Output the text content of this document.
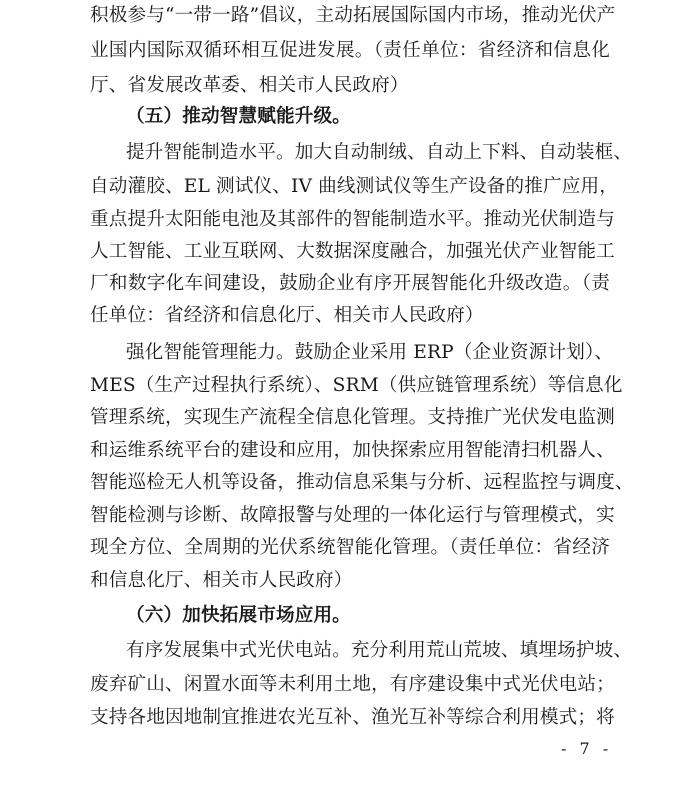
积极参与“一带一路”倡议，主动拓展国际国内市场，推动光伏产
业国内国际双循环相互促进发展。（责任单位：省经济和信息化
厅、省发展改革委、相关市人民政府）
（五）推动智慧赋能升级。
提升智能制造水平。加大自动制绒、自动上下料、自动装框、
自动灌胶、EL 测试仪、IV 曲线测试仪等生产设备的推广应用，
重点提升太阳能电池及其部件的智能制造水平。推动光伏制造与
人工智能、工业互联网、大数据深度融合，加强光伏产业智能工
厂和数字化车间建设，鼓励企业有序开展智能化升级改造。（责
任单位：省经济和信息化厅、相关市人民政府）
强化智能管理能力。鼓励企业采用 ERP（企业资源计划）、
MES（生产过程执行系统）、SRM（供应链管理系统）等信息化
管理系统，实现生产流程全信息化管理。支持推广光伏发电监测
和运维系统平台的建设和应用，加快探索应用智能清扫机器人、
智能巡检无人机等设备，推动信息采集与分析、远程监控与调度、
智能检测与诊断、故障报警与处理的一体化运行与管理模式，实
现全方位、全周期的光伏系统智能化管理。（责任单位：省经济
和信息化厅、相关市人民政府）
（六）加快拓展市场应用。
有序发展集中式光伏电站。充分利用荒山荒坡、填埋场护坡、
废弃矿山、闲置水面等未利用土地，有序建设集中式光伏电站；
支持各地因地制宜推进农光互补、渔光互补等综合利用模式；将
- 7 -
